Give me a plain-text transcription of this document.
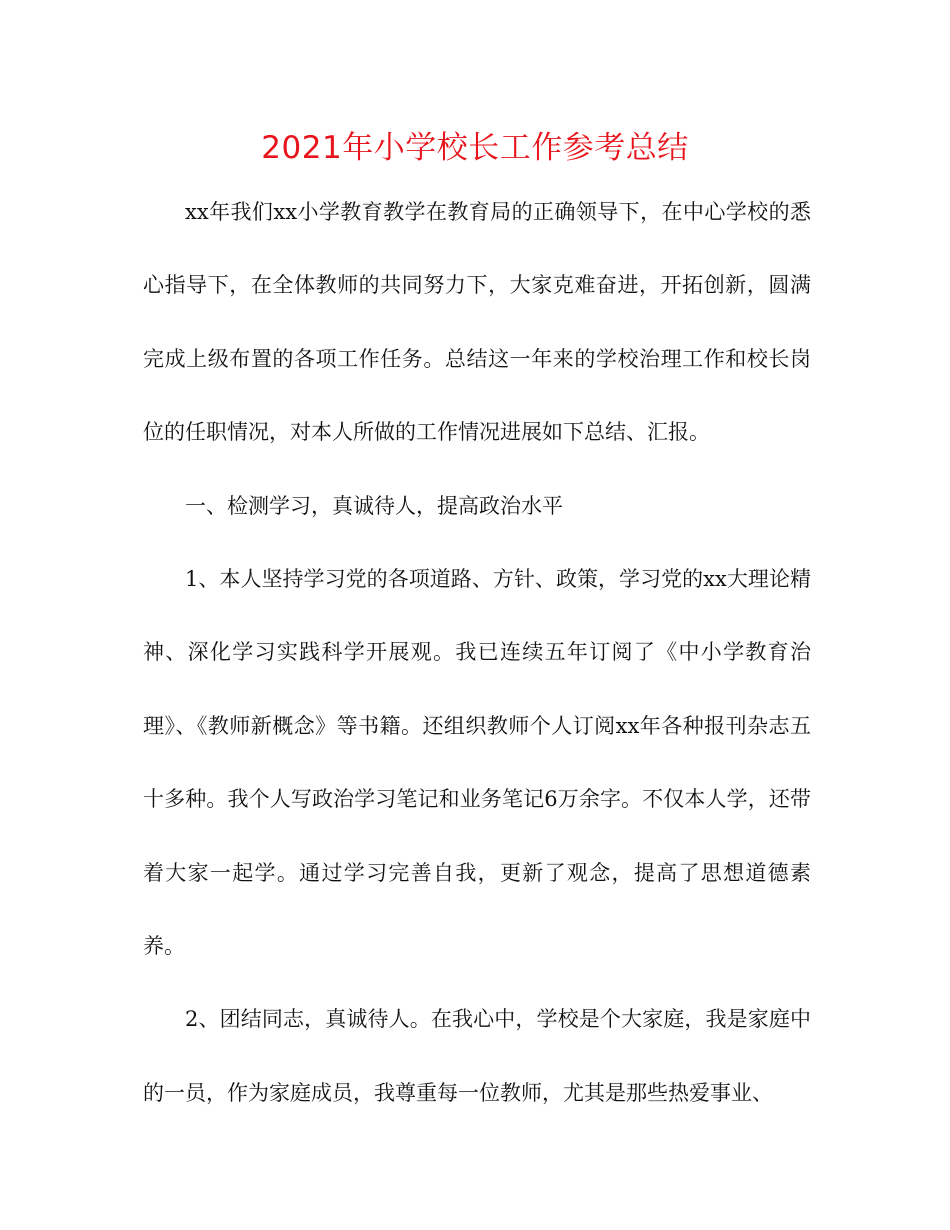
2021年小学校长工作参考总结

xx年我们xx小学教育教学在教育局的正确领导下，在中心学校的悉心指导下，在全体教师的共同努力下，大家克难奋进，开拓创新，圆满完成上级布置的各项工作任务。总结这一年来的学校治理工作和校长岗位的任职情况，对本人所做的工作情况进展如下总结、汇报。

一、检测学习，真诚待人，提高政治水平

1、本人坚持学习党的各项道路、方针、政策，学习党的xx大理论精神、深化学习实践科学开展观。我已连续五年订阅了《中小学教育治理》、《教师新概念》等书籍。还组织教师个人订阅xx年各种报刊杂志五十多种。我个人写政治学习笔记和业务笔记6万余字。不仅本人学，还带着大家一起学。通过学习完善自我，更新了观念，提高了思想道德素养。

2、团结同志，真诚待人。在我心中，学校是个大家庭，我是家庭中的一员，作为家庭成员，我尊重每一位教师，尤其是那些热爱事业、
